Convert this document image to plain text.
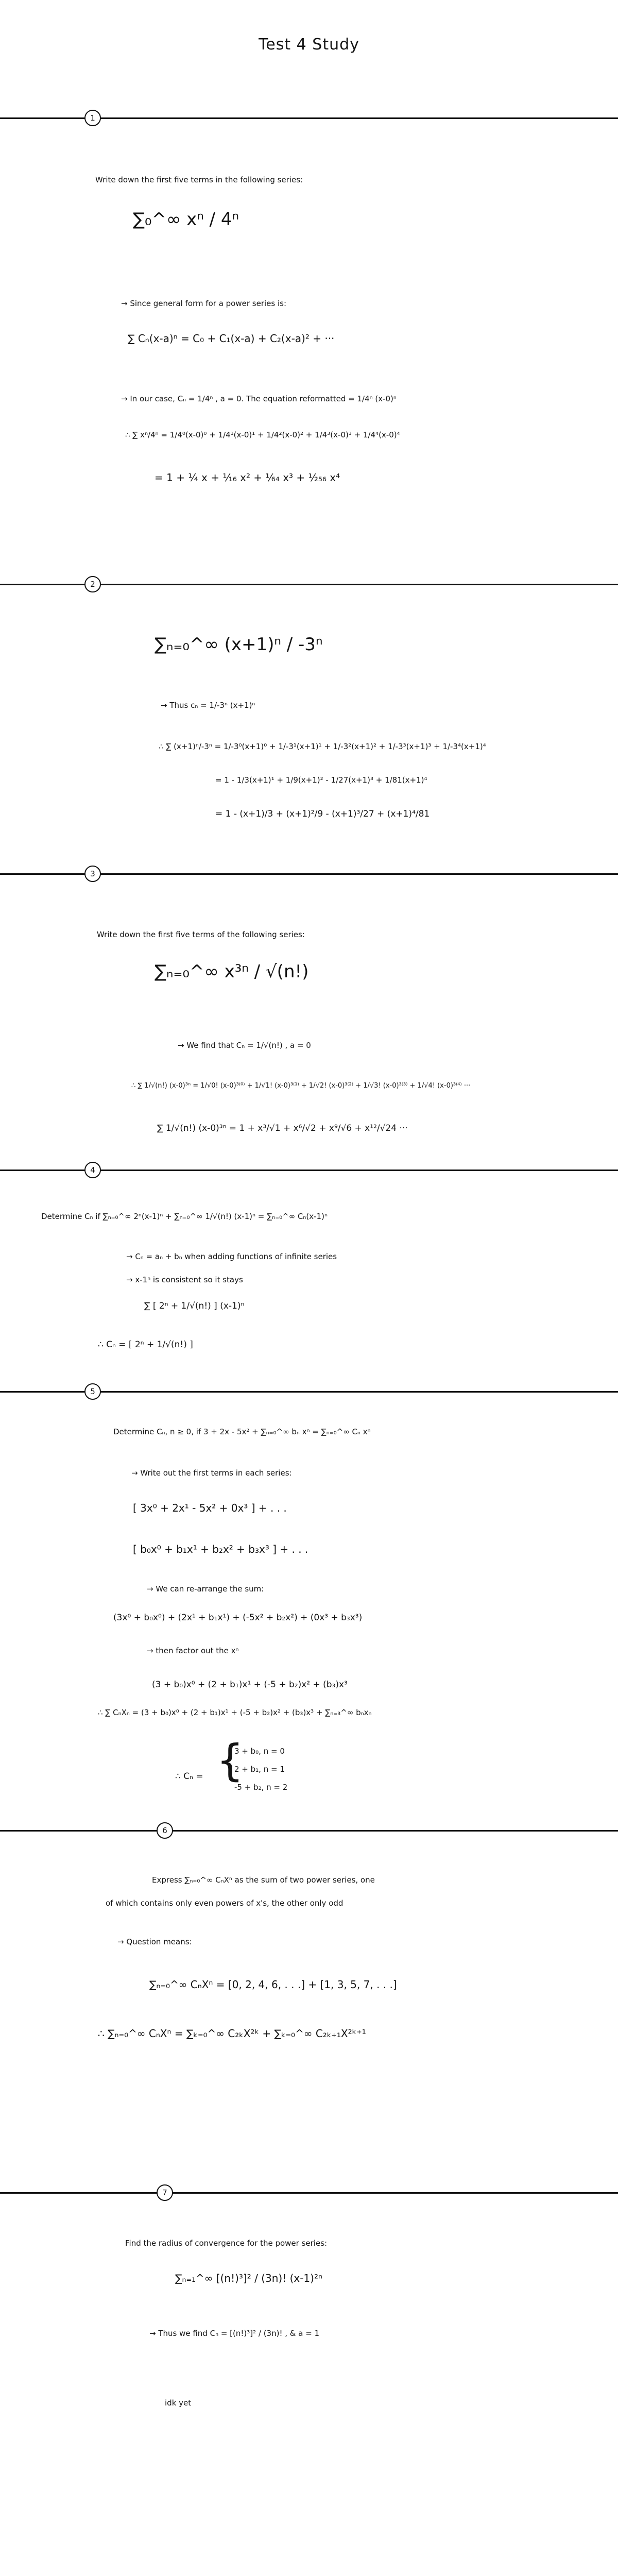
Test 4 Study
1
2
3
4
5
6
7
Write down the first five terms in the following series:
∑₀^∞ xⁿ / 4ⁿ
→ Since general form for a power series is:
∑ Cₙ(x-a)ⁿ = C₀ + C₁(x-a) + C₂(x-a)² + ···
→ In our case, Cₙ = 1/4ⁿ , a = 0. The equation reformatted = 1/4ⁿ (x-0)ⁿ
∴ ∑ xⁿ/4ⁿ = 1/4⁰(x-0)⁰ + 1/4¹(x-0)¹ + 1/4²(x-0)² + 1/4³(x-0)³ + 1/4⁴(x-0)⁴
= 1 + ¼ x + ¹⁄₁₆ x² + ¹⁄₆₄ x³ + ¹⁄₂₅₆ x⁴
∑ₙ₌₀^∞ (x+1)ⁿ / -3ⁿ
→ Thus cₙ = 1/-3ⁿ (x+1)ⁿ
∴ ∑ (x+1)ⁿ/-3ⁿ = 1/-3⁰(x+1)⁰ + 1/-3¹(x+1)¹ + 1/-3²(x+1)² + 1/-3³(x+1)³ + 1/-3⁴(x+1)⁴
= 1 - 1/3(x+1)¹ + 1/9(x+1)² - 1/27(x+1)³ + 1/81(x+1)⁴
= 1 - (x+1)/3 + (x+1)²/9 - (x+1)³/27 + (x+1)⁴/81
Write down the first five terms of the following series:
∑ₙ₌₀^∞ x³ⁿ / √(n!)
→ We find that Cₙ = 1/√(n!) , a = 0
∴ ∑ 1/√(n!) (x-0)³ⁿ = 1/√0! (x-0)³⁽⁰⁾ + 1/√1! (x-0)³⁽¹⁾ + 1/√2! (x-0)³⁽²⁾ + 1/√3! (x-0)³⁽³⁾ + 1/√4! (x-0)³⁽⁴⁾ ···
∑ 1/√(n!) (x-0)³ⁿ = 1 + x³/√1 + x⁶/√2 + x⁹/√6 + x¹²/√24 ···
Determine Cₙ if ∑ₙ₌₀^∞ 2ⁿ(x-1)ⁿ + ∑ₙ₌₀^∞ 1/√(n!) (x-1)ⁿ = ∑ₙ₌₀^∞ Cₙ(x-1)ⁿ
→ Cₙ = aₙ + bₙ when adding functions of infinite series
→ x-1ⁿ is consistent so it stays
∑ [ 2ⁿ + 1/√(n!) ] (x-1)ⁿ
∴ Cₙ = [ 2ⁿ + 1/√(n!) ]
Determine Cₙ, n ≥ 0, if 3 + 2x - 5x² + ∑ₙ₌₀^∞ bₙ xⁿ = ∑ₙ₌₀^∞ Cₙ xⁿ
→ Write out the first terms in each series:
[ 3x⁰ + 2x¹ - 5x² + 0x³ ] + . . .
[ b₀x⁰ + b₁x¹ + b₂x² + b₃x³ ] + . . .
→ We can re-arrange the sum:
(3x⁰ + b₀x⁰) + (2x¹ + b₁x¹) + (-5x² + b₂x²) + (0x³ + b₃x³)
→ then factor out the xⁿ
(3 + b₀)x⁰ + (2 + b₁)x¹ + (-5 + b₂)x² + (b₃)x³
∴ ∑ CₙXₙ = (3 + b₀)x⁰ + (2 + b₁)x¹ + (-5 + b₂)x² + (b₃)x³ + ∑ₙ₌₃^∞ bₙxₙ
∴ Cₙ = {
3 + b₀, n = 0
2 + b₁, n = 1
-5 + b₂, n = 2
Express ∑ₙ₌₀^∞ CₙXⁿ as the sum of two power series, one
of which contains only even powers of x's, the other only odd
→ Question means:
∑ₙ₌₀^∞ CₙXⁿ = [0, 2, 4, 6, . . .] + [1, 3, 5, 7, . . .]
∴ ∑ₙ₌₀^∞ CₙXⁿ = ∑ₖ₌₀^∞ C₂ₖX²ᵏ + ∑ₖ₌₀^∞ C₂ₖ₊₁X²ᵏ⁺¹
Find the radius of convergence for the power series:
∑ₙ₌₁^∞ [(n!)³]² / (3n)! (x-1)²ⁿ
→ Thus we find Cₙ = [(n!)³]² / (3n)! , & a = 1
idk yet
